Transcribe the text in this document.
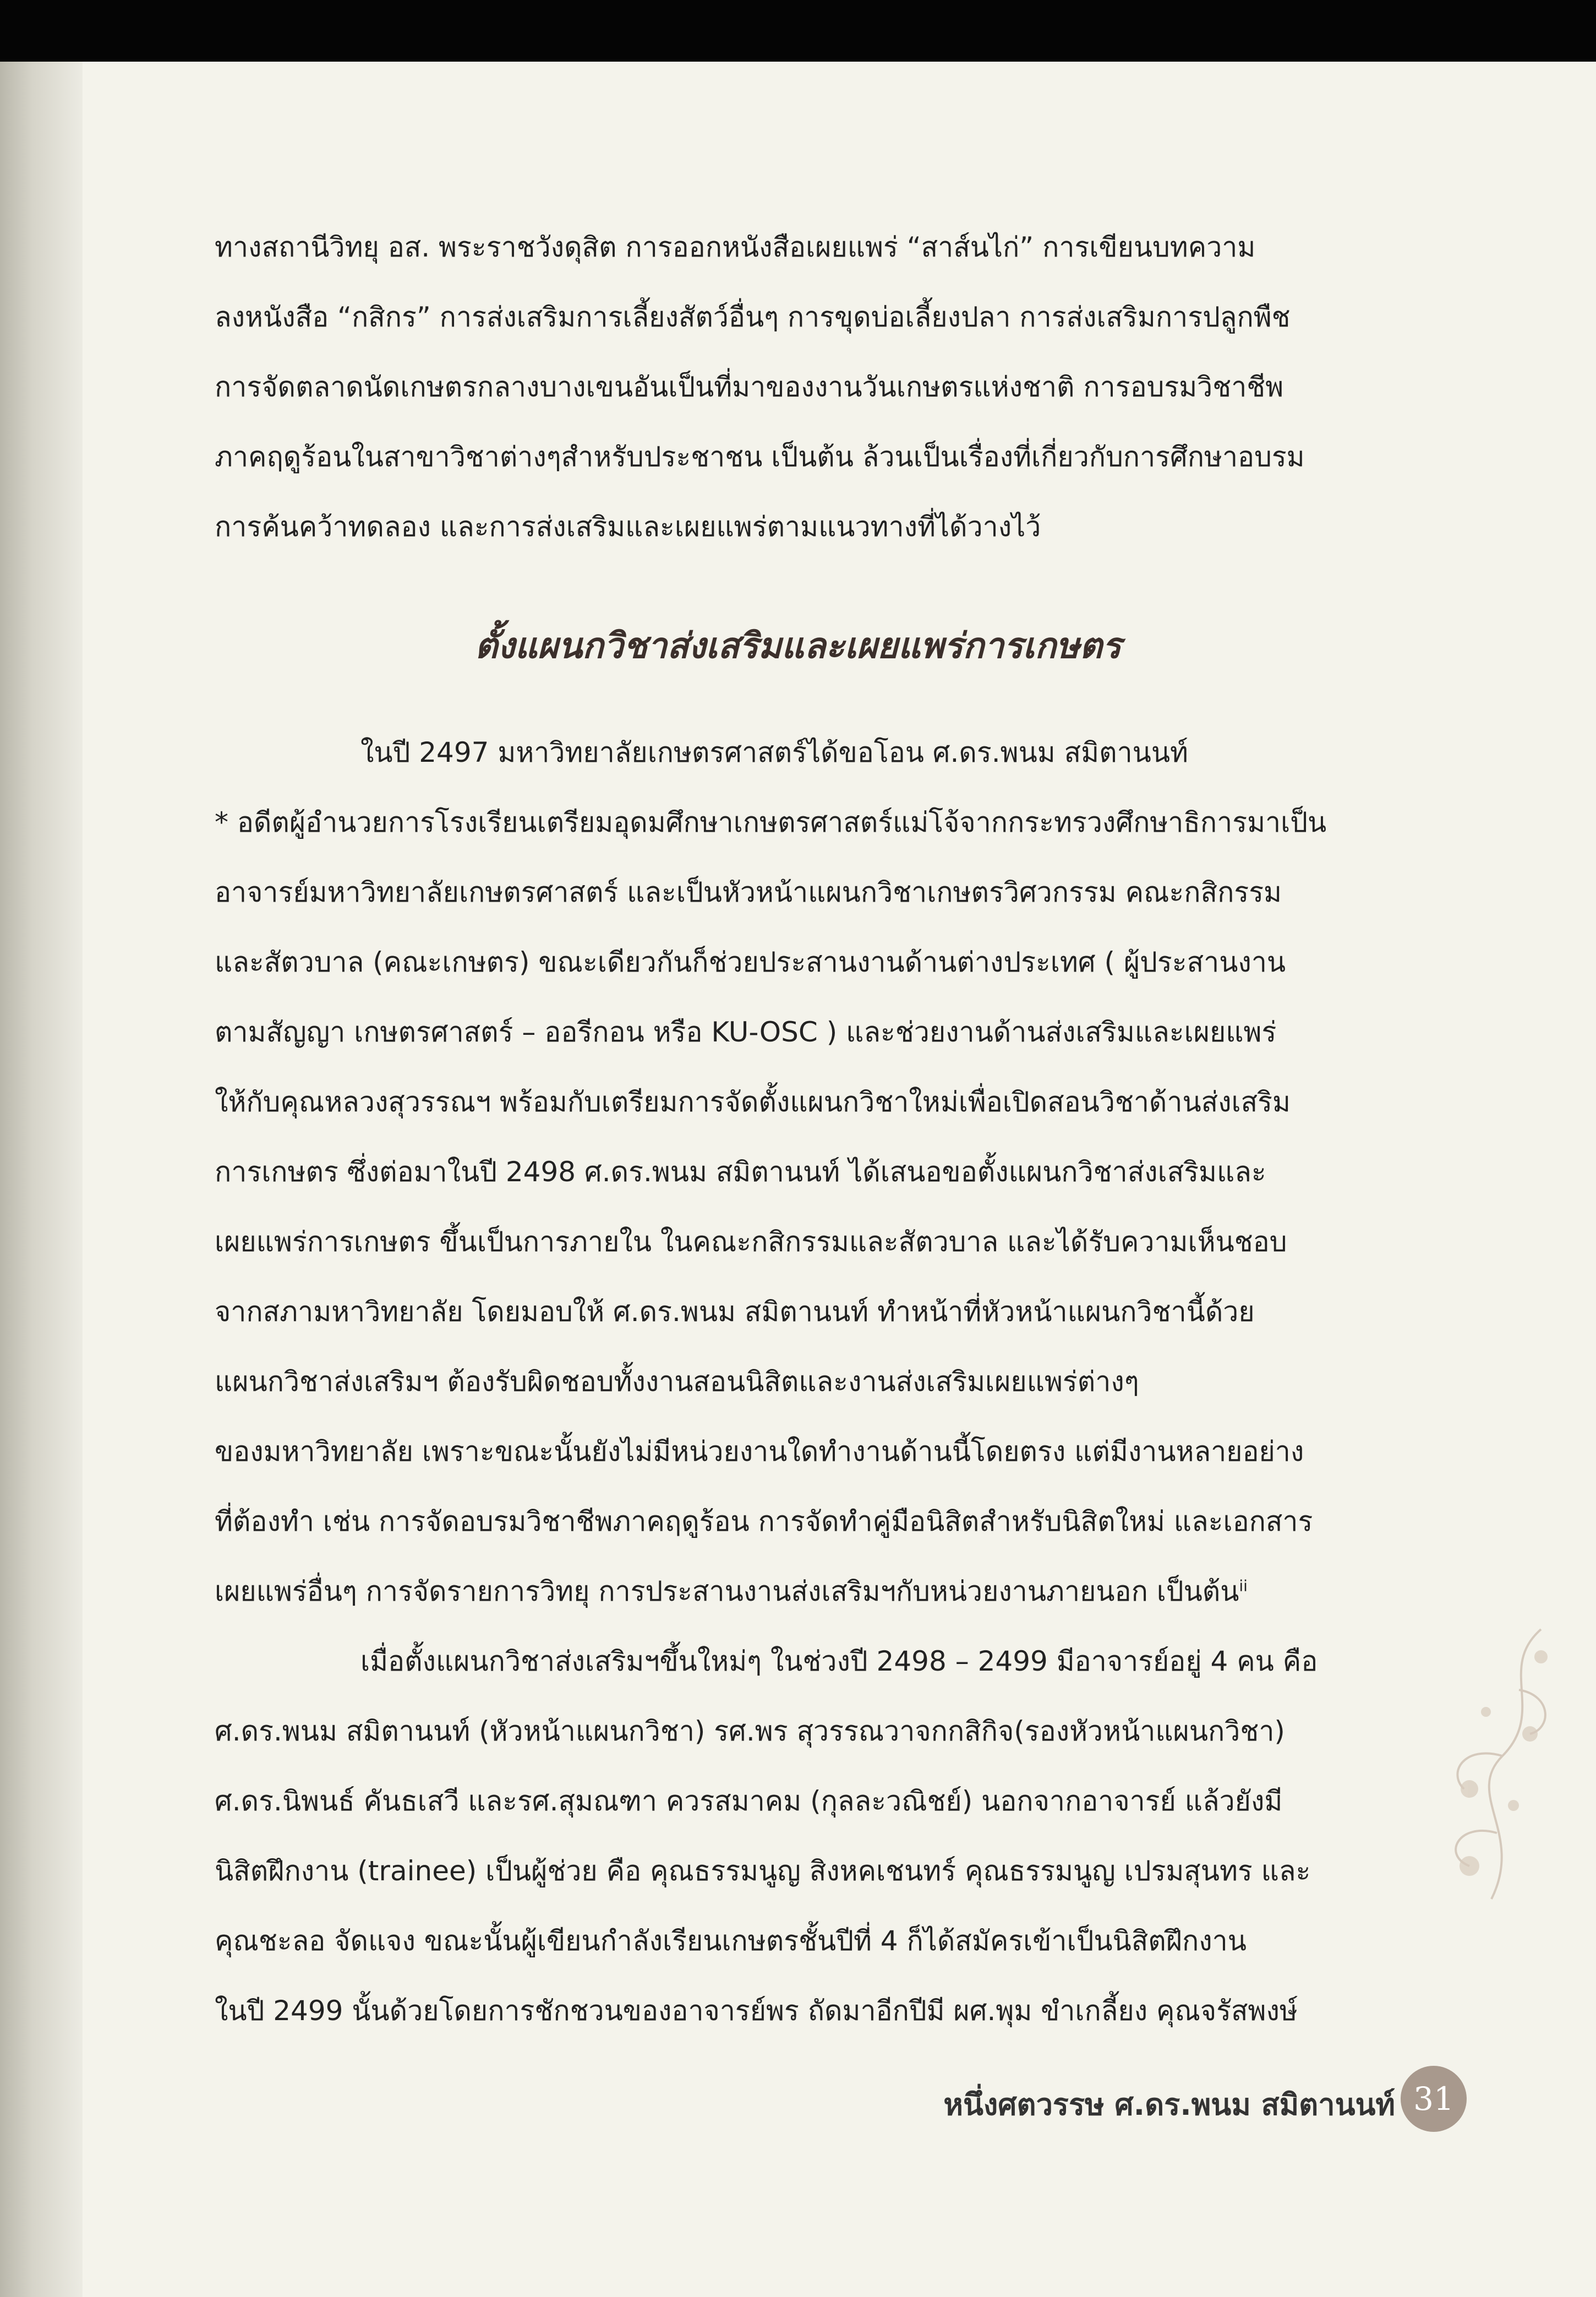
ทางสถานีวิทยุ อส. พระราชวังดุสิต การออกหนังสือเผยแพร่ “สาส์นไก่” การเขียนบทความ
ลงหนังสือ “กสิกร” การส่งเสริมการเลี้ยงสัตว์อื่นๆ การขุดบ่อเลี้ยงปลา การส่งเสริมการปลูกพืช
การจัดตลาดนัดเกษตรกลางบางเขนอันเป็นที่มาของงานวันเกษตรแห่งชาติ การอบรมวิชาชีพ
ภาคฤดูร้อนในสาขาวิชาต่างๆสำหรับประชาชน เป็นต้น ล้วนเป็นเรื่องที่เกี่ยวกับการศึกษาอบรม
การค้นคว้าทดลอง และการส่งเสริมและเผยแพร่ตามแนวทางที่ได้วางไว้
ตั้งแผนกวิชาส่งเสริมและเผยแพร่การเกษตร
ในปี 2497 มหาวิทยาลัยเกษตรศาสตร์ได้ขอโอน ศ.ดร.พนม สมิตานนท์
* อดีตผู้อำนวยการโรงเรียนเตรียมอุดมศึกษาเกษตรศาสตร์แม่โจ้จากกระทรวงศึกษาธิการมาเป็น
อาจารย์มหาวิทยาลัยเกษตรศาสตร์ และเป็นหัวหน้าแผนกวิชาเกษตรวิศวกรรม คณะกสิกรรม
และสัตวบาล (คณะเกษตร) ขณะเดียวกันก็ช่วยประสานงานด้านต่างประเทศ ( ผู้ประสานงาน
ตามสัญญา เกษตรศาสตร์ – ออรีกอน หรือ KU-OSC ) และช่วยงานด้านส่งเสริมและเผยแพร่
ให้กับคุณหลวงสุวรรณฯ พร้อมกับเตรียมการจัดตั้งแผนกวิชาใหม่เพื่อเปิดสอนวิชาด้านส่งเสริม
การเกษตร ซึ่งต่อมาในปี 2498 ศ.ดร.พนม สมิตานนท์ ได้เสนอขอตั้งแผนกวิชาส่งเสริมและ
เผยแพร่การเกษตร ขึ้นเป็นการภายใน ในคณะกสิกรรมและสัตวบาล และได้รับความเห็นชอบ
จากสภามหาวิทยาลัย โดยมอบให้ ศ.ดร.พนม สมิตานนท์ ทำหน้าที่หัวหน้าแผนกวิชานี้ด้วย
แผนกวิชาส่งเสริมฯ ต้องรับผิดชอบทั้งงานสอนนิสิตและงานส่งเสริมเผยแพร่ต่างๆ
ของมหาวิทยาลัย เพราะขณะนั้นยังไม่มีหน่วยงานใดทำงานด้านนี้โดยตรง แต่มีงานหลายอย่าง
ที่ต้องทำ เช่น การจัดอบรมวิชาชีพภาคฤดูร้อน การจัดทำคู่มือนิสิตสำหรับนิสิตใหม่ และเอกสาร
เผยแพร่อื่นๆ การจัดรายการวิทยุ การประสานงานส่งเสริมฯกับหน่วยงานภายนอก เป็นต้น$^{ii}$
เมื่อตั้งแผนกวิชาส่งเสริมฯขึ้นใหม่ๆ ในช่วงปี 2498 – 2499 มีอาจารย์อยู่ 4 คน คือ
ศ.ดร.พนม สมิตานนท์ (หัวหน้าแผนกวิชา) รศ.พร สุวรรณวาจกกสิกิจ(รองหัวหน้าแผนกวิชา)
ศ.ดร.นิพนธ์ คันธเสวี และรศ.สุมณฑา ควรสมาคม (กุลละวณิชย์) นอกจากอาจารย์ แล้วยังมี
นิสิตฝึกงาน (trainee) เป็นผู้ช่วย คือ คุณธรรมนูญ สิงหคเชนทร์ คุณธรรมนูญ เปรมสุนทร และ
คุณชะลอ จัดแจง ขณะนั้นผู้เขียนกำลังเรียนเกษตรชั้นปีที่ 4 ก็ได้สมัครเข้าเป็นนิสิตฝึกงาน
ในปี 2499 นั้นด้วยโดยการชักชวนของอาจารย์พร ถัดมาอีกปีมี ผศ.พุม ขำเกลี้ยง คุณจรัสพงษ์
หนึ่งศตวรรษ ศ.ดร.พนม สมิตานนท์ 31
